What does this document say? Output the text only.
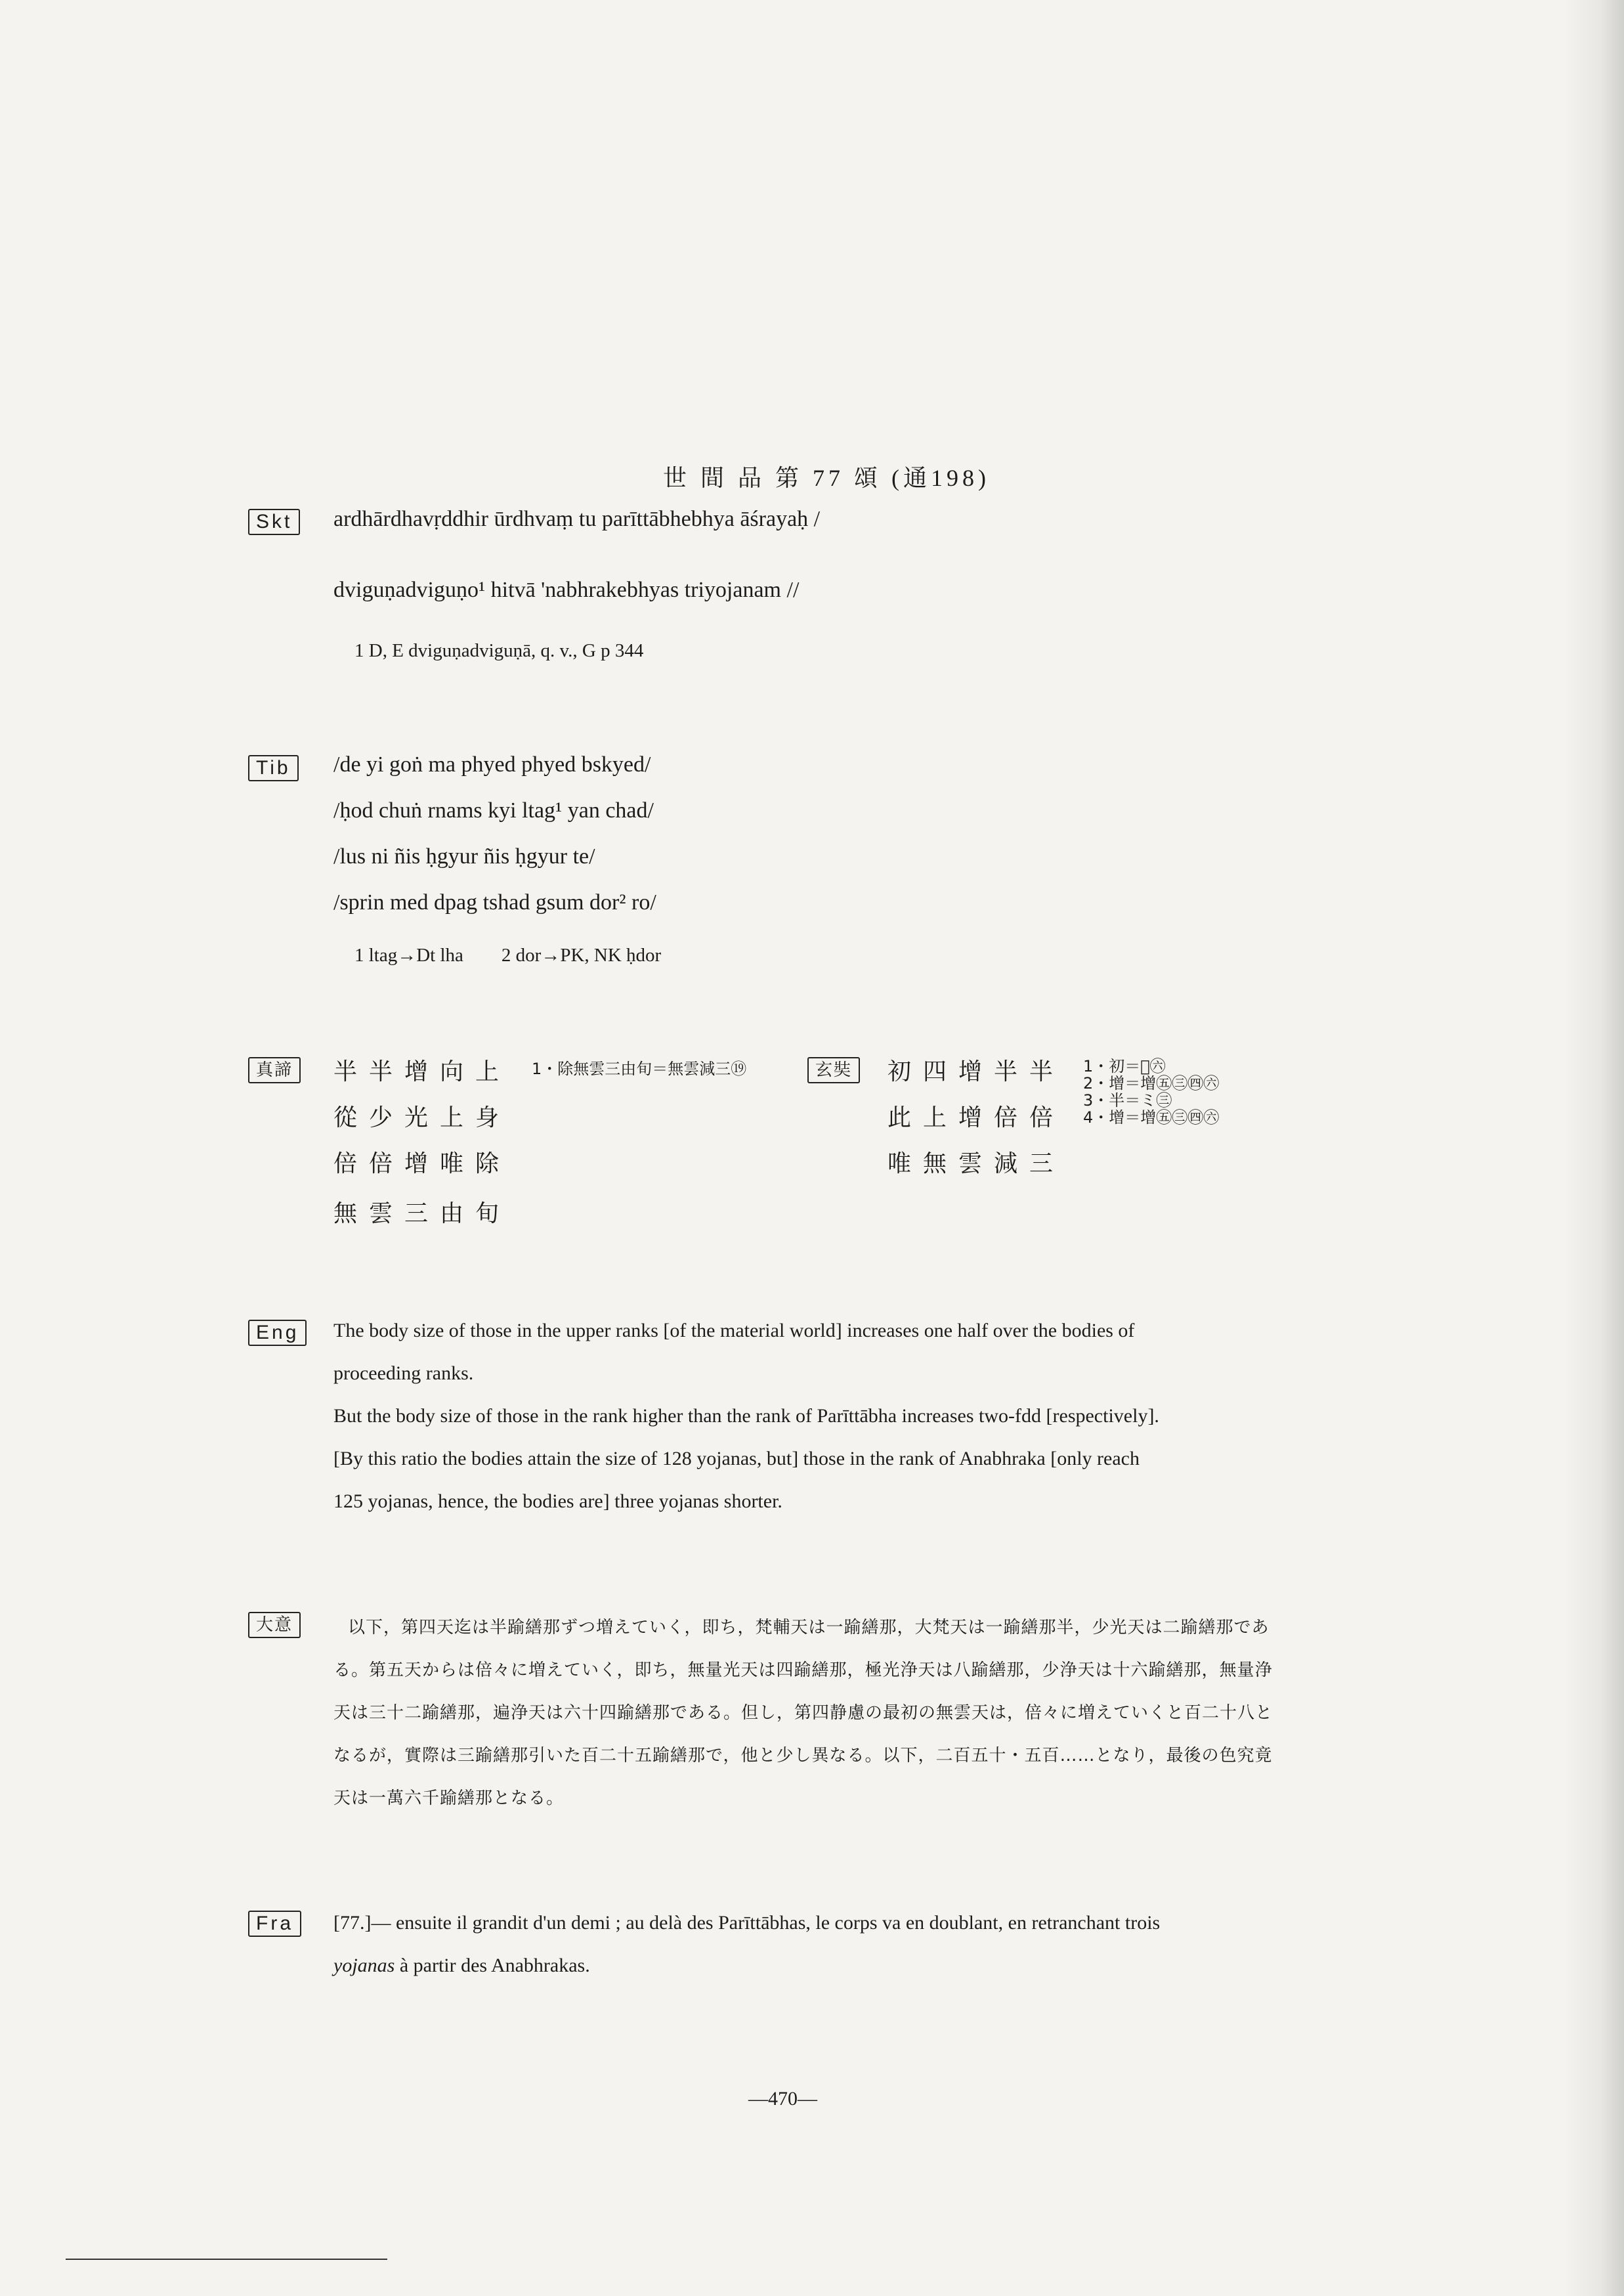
世 間 品 第 77 頌 (通198)
Skt	ardhārdhavṛddhir ūrdhvaṃ tu parīttābhebhya āśrayaḥ /
dviguṇadviguṇo¹ hitvā 'nabhrakebhyas triyojanam //
1 D, E dviguṇadviguṇā, q. v., G p 344
Tib	/de yi goṅ ma phyed phyed bskyed/
/ḥod chuṅ rnams kyi ltag¹ yan chad/
/lus ni ñis ḥgyur ñis ḥgyur te/
/sprin med dpag tshad gsum dor² ro/
1 ltag→Dt lha　　2 dor→PK, NK ḥdor
真諦	半半增向上
從少光上身
倍倍增唯除
無雲三由旬
1・除無雲三由旬＝無雲減三⑲	玄奘	初四增半半
此上增倍倍
唯無雲減三
1・初＝𥘉㊅
2・增＝增㊄㊂㊃㊅
3・半＝ミ㊂
4・增＝增㊄㊂㊃㊅
Eng	The body size of those in the upper ranks [of the material world] increases one half over the bodies of
proceeding ranks.
But the body size of those in the rank higher than the rank of Parīttābha increases two-fdd [respectively].
[By this ratio the bodies attain the size of 128 yojanas, but] those in the rank of Anabhraka [only reach
125 yojanas, hence, the bodies are] three yojanas shorter.
大意	以下，第四天迄は半踰繕那ずつ増えていく，即ち，梵輔天は一踰繕那，大梵天は一踰繕那半，少光天は二踰繕那であ
る。第五天からは倍々に増えていく，即ち，無量光天は四踰繕那，極光浄天は八踰繕那，少浄天は十六踰繕那，無量浄
天は三十二踰繕那，遍浄天は六十四踰繕那である。但し，第四静慮の最初の無雲天は，倍々に増えていくと百二十八と
なるが，實際は三踰繕那引いた百二十五踰繕那で，他と少し異なる。以下，二百五十・五百……となり，最後の色究竟
天は一萬六千踰繕那となる。
Fra	[77.]— ensuite il grandit d'un demi ; au delà des Parīttābhas, le corps va en doublant, en retranchant trois
yojanas à partir des Anabhrakas.
—470—
